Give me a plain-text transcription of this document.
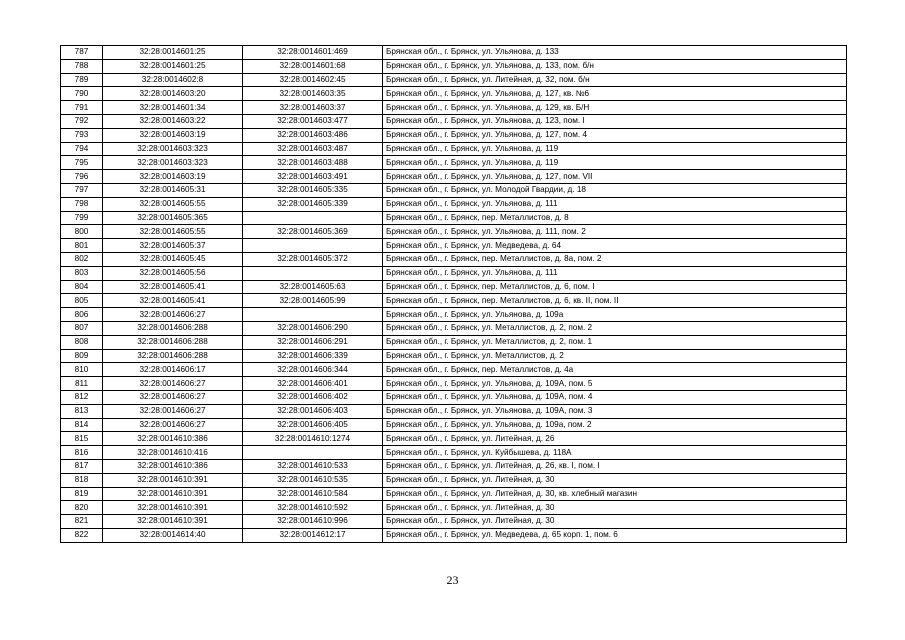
787	32:28:0014601:25	32:28:0014601:469	Брянская обл., г. Брянск, ул. Ульянова, д. 133
788	32:28:0014601:25	32:28:0014601:68	Брянская обл., г. Брянск, ул. Ульянова, д. 133, пом. б/н
789	32:28:0014602:8	32:28:0014602:45	Брянская обл., г. Брянск, ул. Литейная, д. 32, пом. б/н
790	32:28:0014603:20	32:28:0014603:35	Брянская обл., г. Брянск, ул. Ульянова, д. 127, кв. №6
791	32:28:0014601:34	32:28:0014603:37	Брянская обл., г. Брянск, ул. Ульянова, д. 129, кв. Б/Н
792	32:28:0014603:22	32:28:0014603:477	Брянская обл., г. Брянск, ул. Ульянова, д. 123, пом. I
793	32:28:0014603:19	32:28:0014603:486	Брянская обл., г. Брянск, ул. Ульянова, д. 127, пом. 4
794	32:28:0014603:323	32:28:0014603:487	Брянская обл., г. Брянск, ул. Ульянова, д. 119
795	32:28:0014603:323	32:28:0014603:488	Брянская обл., г. Брянск, ул. Ульянова, д. 119
796	32:28:0014603:19	32:28:0014603:491	Брянская обл., г. Брянск, ул. Ульянова, д. 127, пом. VII
797	32:28:0014605:31	32:28:0014605:335	Брянская обл., г. Брянск, ул. Молодой Гвардии, д. 18
798	32:28:0014605:55	32:28:0014605:339	Брянская обл., г. Брянск, ул. Ульянова, д. 111
799	32:28:0014605:365		Брянская обл., г. Брянск, пер. Металлистов, д. 8
800	32:28:0014605:55	32:28:0014605:369	Брянская обл., г. Брянск, ул. Ульянова, д. 111, пом. 2
801	32:28:0014605:37		Брянская обл., г. Брянск, ул. Медведева, д. 64
802	32:28:0014605:45	32:28:0014605:372	Брянская обл., г. Брянск, пер. Металлистов, д. 8а, пом. 2
803	32:28:0014605:56		Брянская обл., г. Брянск, ул. Ульянова, д. 111
804	32:28:0014605:41	32:28:0014605:63	Брянская обл., г. Брянск, пер. Металлистов, д. 6, пом. I
805	32:28:0014605:41	32:28:0014605:99	Брянская обл., г. Брянск, пер. Металлистов, д. 6, кв. II, пом. II
806	32:28:0014606:27		Брянская обл., г. Брянск, ул. Ульянова, д. 109а
807	32:28:0014606:288	32:28:0014606:290	Брянская обл., г. Брянск, ул. Металлистов, д. 2, пом. 2
808	32:28:0014606:288	32:28:0014606:291	Брянская обл., г. Брянск, ул. Металлистов, д. 2, пом. 1
809	32:28:0014606:288	32:28:0014606:339	Брянская обл., г. Брянск, ул. Металлистов, д. 2
810	32:28:0014606:17	32:28:0014606:344	Брянская обл., г. Брянск, пер. Металлистов, д. 4а
811	32:28:0014606:27	32:28:0014606:401	Брянская обл., г. Брянск, ул. Ульянова, д. 109А, пом. 5
812	32:28:0014606:27	32:28:0014606:402	Брянская обл., г. Брянск, ул. Ульянова, д. 109А, пом. 4
813	32:28:0014606:27	32:28:0014606:403	Брянская обл., г. Брянск, ул. Ульянова, д. 109А, пом. 3
814	32:28:0014606:27	32:28:0014606:405	Брянская обл., г. Брянск, ул. Ульянова, д. 109а, пом. 2
815	32:28:0014610:386	32:28:0014610:1274	Брянская обл., г. Брянск, ул. Литейная, д. 26
816	32:28:0014610:416		Брянская обл., г. Брянск, ул. Куйбышева, д. 118А
817	32:28:0014610:386	32:28:0014610:533	Брянская обл., г. Брянск, ул. Литейная, д. 26, кв. I, пом. I
818	32:28:0014610:391	32:28:0014610:535	Брянская обл., г. Брянск, ул. Литейная, д. 30
819	32:28:0014610:391	32:28:0014610:584	Брянская обл., г. Брянск, ул. Литейная, д. 30, кв. хлебный магазин
820	32:28:0014610:391	32:28:0014610:592	Брянская обл., г. Брянск, ул. Литейная, д. 30
821	32:28:0014610:391	32:28:0014610:996	Брянская обл., г. Брянск, ул. Литейная, д. 30
822	32:28:0014614:40	32:28:0014612:17	Брянская обл., г. Брянск, ул. Медведева, д. 65 корп. 1, пом. 6
23
